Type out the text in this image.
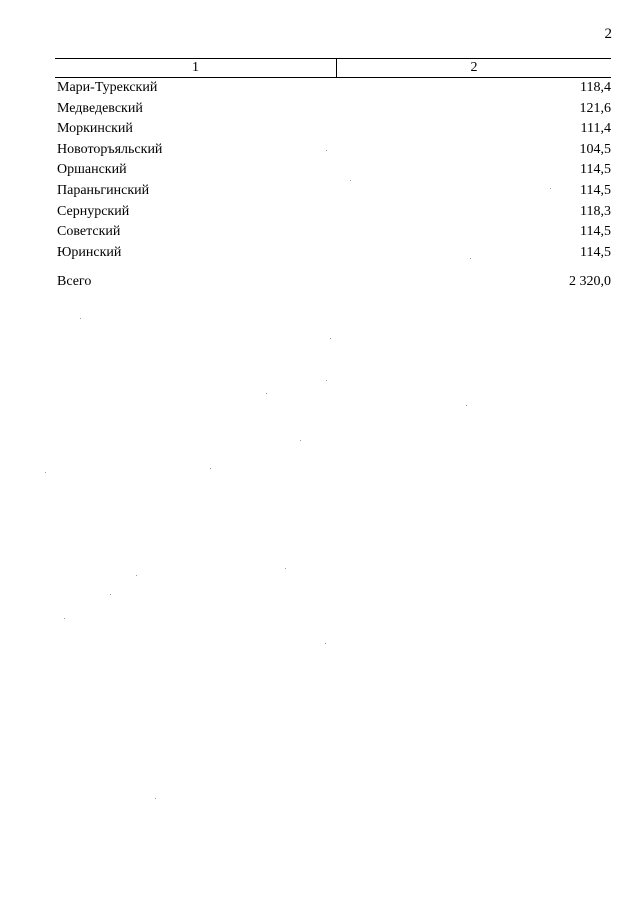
2
1	2
Мари-Турекский	118,4
Медведевский	121,6
Моркинский	111,4
Новоторъяльский	104,5
Оршанский	114,5
Параньгинский	114,5
Сернурский	118,3
Советский	114,5
Юринский	114,5
Всего	2 320,0
